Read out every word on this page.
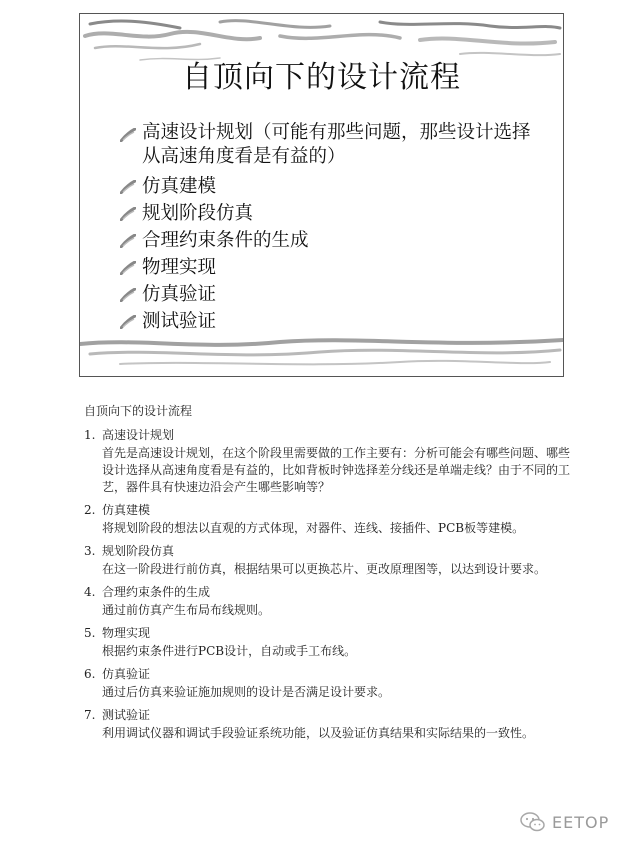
自顶向下的设计流程
高速设计规划（可能有那些问题，那些设计选择从高速角度看是有益的）
仿真建模
规划阶段仿真
合理约束条件的生成
物理实现
仿真验证
测试验证
自顶向下的设计流程
1. 高速设计规划
首先是高速设计规划，在这个阶段里需要做的工作主要有：分析可能会有哪些问题、哪些设计选择从高速角度看是有益的，比如背板时钟选择差分线还是单端走线？由于不同的工艺，器件具有快速边沿会产生哪些影响等？
2. 仿真建模
将规划阶段的想法以直观的方式体现，对器件、连线、接插件、PCB板等建模。
3. 规划阶段仿真
在这一阶段进行前仿真，根据结果可以更换芯片、更改原理图等，以达到设计要求。
4. 合理约束条件的生成
通过前仿真产生布局布线规则。
5. 物理实现
根据约束条件进行PCB设计，自动或手工布线。
6. 仿真验证
通过后仿真来验证施加规则的设计是否满足设计要求。
7. 测试验证
利用调试仪器和调试手段验证系统功能，以及验证仿真结果和实际结果的一致性。
EETOP
